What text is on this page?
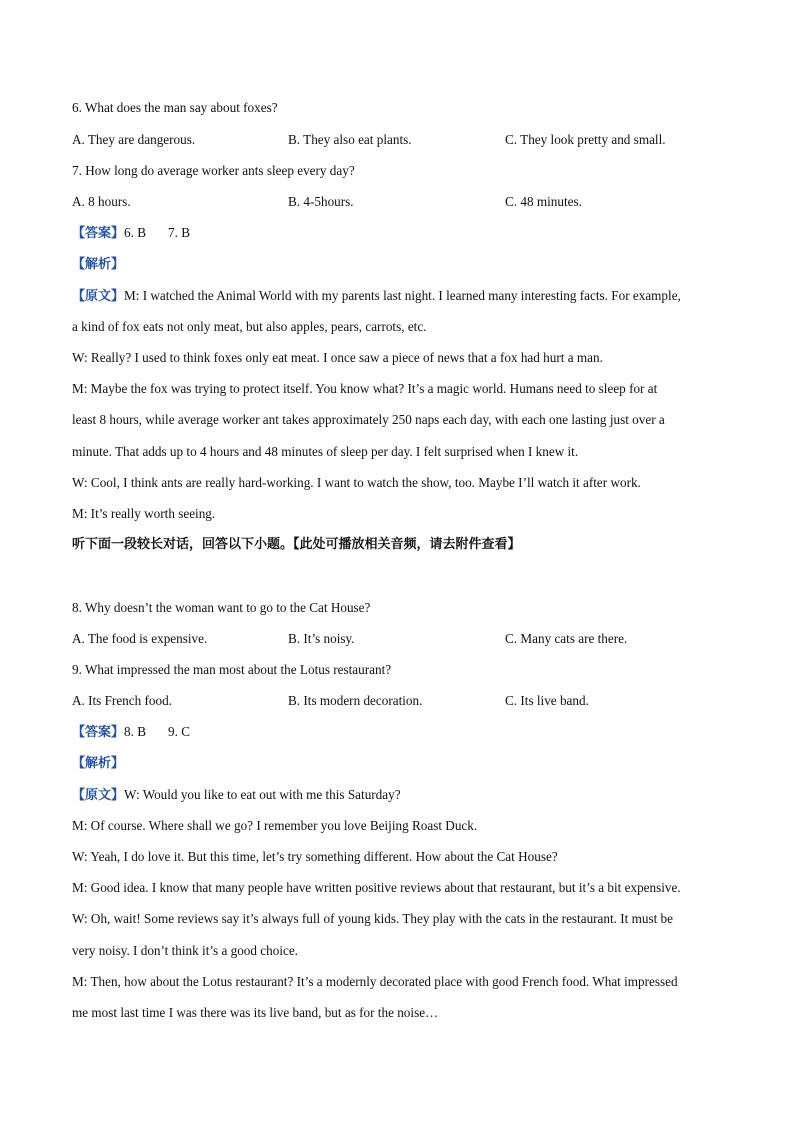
6. What does the man say about foxes?
A. They are dangerous.	B. They also eat plants.	C. They look pretty and small.
7. How long do average worker ants sleep every day?
A. 8 hours.	B. 4-5hours.	C. 48 minutes.
【答案】6. B 7. B
【解析】
【原文】M: I watched the Animal World with my parents last night. I learned many interesting facts. For example,
a kind of fox eats not only meat, but also apples, pears, carrots, etc.
W: Really? I used to think foxes only eat meat. I once saw a piece of news that a fox had hurt a man.
M: Maybe the fox was trying to protect itself. You know what? It’s a magic world. Humans need to sleep for at
least 8 hours, while average worker ant takes approximately 250 naps each day, with each one lasting just over a
minute. That adds up to 4 hours and 48 minutes of sleep per day. I felt surprised when I knew it.
W: Cool, I think ants are really hard-working. I want to watch the show, too. Maybe I’ll watch it after work.
M: It’s really worth seeing.
听下面一段较长对话，回答以下小题。【此处可播放相关音频，请去附件查看】
8. Why doesn’t the woman want to go to the Cat House?
A. The food is expensive.	B. It’s noisy.	C. Many cats are there.
9. What impressed the man most about the Lotus restaurant?
A. Its French food.	B. Its modern decoration.	C. Its live band.
【答案】8. B 9. C
【解析】
【原文】W: Would you like to eat out with me this Saturday?
M: Of course. Where shall we go? I remember you love Beijing Roast Duck.
W: Yeah, I do love it. But this time, let’s try something different. How about the Cat House?
M: Good idea. I know that many people have written positive reviews about that restaurant, but it’s a bit expensive.
W: Oh, wait! Some reviews say it’s always full of young kids. They play with the cats in the restaurant. It must be
very noisy. I don’t think it’s a good choice.
M: Then, how about the Lotus restaurant? It’s a modernly decorated place with good French food. What impressed
me most last time I was there was its live band, but as for the noise…
